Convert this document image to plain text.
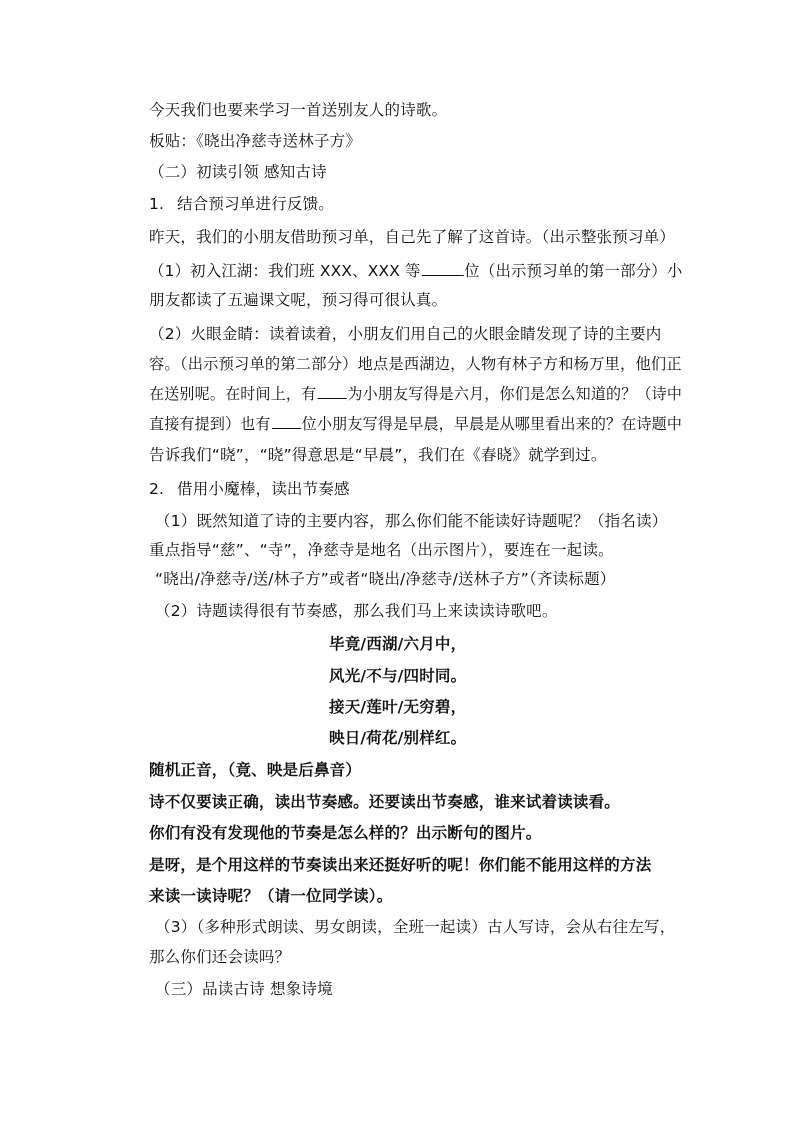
今天我们也要来学习一首送别友人的诗歌。
板贴：《晓出净慈寺送林子方》
（二）初读引领 感知古诗
1. 结合预习单进行反馈。
昨天，我们的小朋友借助预习单，自己先了解了这首诗。（出示整张预习单）
（1）初入江湖：我们班 XXX、XXX 等	位（出示预习单的第一部分）小
朋友都读了五遍课文呢，预习得可很认真。
（2）火眼金睛：读着读着，小朋友们用自己的火眼金睛发现了诗的主要内
容。（出示预习单的第二部分）地点是西湖边，人物有林子方和杨万里，他们正
在送别呢。在时间上，有 为小朋友写得是六月，你们是怎么知道的？（诗中
直接有提到）也有 位小朋友写得是早晨，早晨是从哪里看出来的？在诗题中
告诉我们“晓”，“晓”得意思是“早晨”，我们在《春晓》就学到过。
2. 借用小魔棒，读出节奏感
（1）既然知道了诗的主要内容，那么你们能不能读好诗题呢？（指名读）
重点指导“慈”、“寺”，净慈寺是地名（出示图片），要连在一起读。
“晓出/净慈寺/送/林子方”或者“晓出/净慈寺/送林子方”（齐读标题）
（2）诗题读得很有节奏感，那么我们马上来读读诗歌吧。
毕竟/西湖/六月中，
风光/不与/四时同。
接天/莲叶/无穷碧，
映日/荷花/别样红。
随机正音，（竟、映是后鼻音）
诗不仅要读正确，读出节奏感。还要读出节奏感，谁来试着读读看。
你们有没有发现他的节奏是怎么样的？出示断句的图片。
是呀，是个用这样的节奏读出来还挺好听的呢！你们能不能用这样的方法
来读一读诗呢？（请一位同学读）。
（3）（多种形式朗读、男女朗读，全班一起读）古人写诗，会从右往左写，
那么你们还会读吗？
（三）品读古诗 想象诗境
